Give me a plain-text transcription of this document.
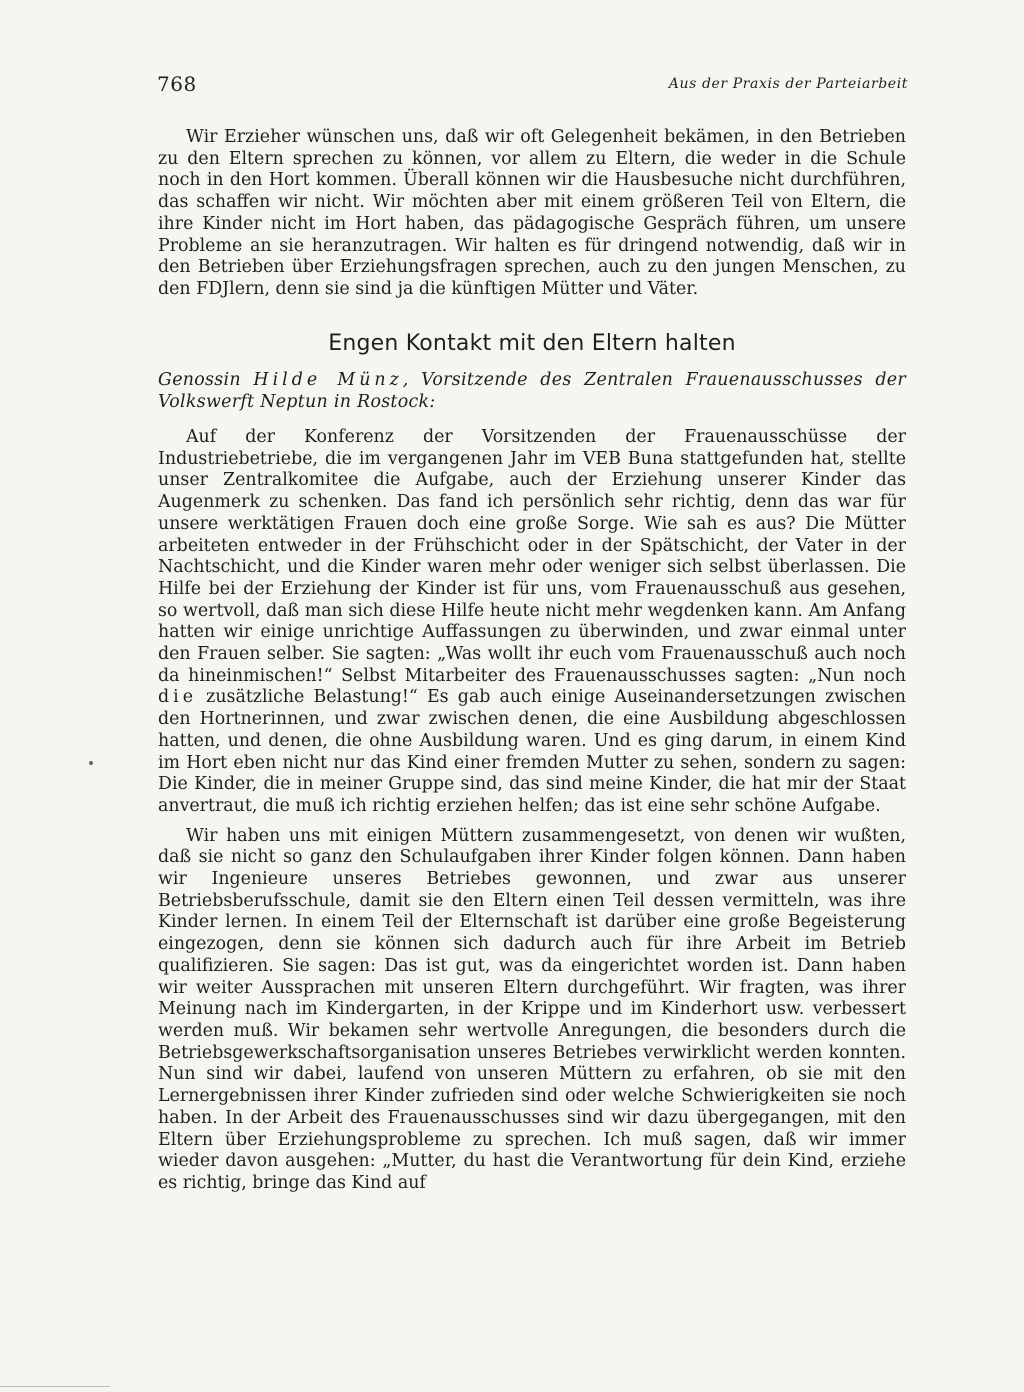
768	Aus der Praxis der Parteiarbeit

Wir Erzieher wünschen uns, daß wir oft Gelegenheit bekämen, in den Betrieben zu den Eltern sprechen zu können, vor allem zu Eltern, die weder in die Schule noch in den Hort kommen. Überall können wir die Hausbesuche nicht durchführen, das schaffen wir nicht. Wir möchten aber mit einem größeren Teil von Eltern, die ihre Kinder nicht im Hort haben, das pädagogische Gespräch führen, um unsere Probleme an sie heranzutragen. Wir halten es für dringend notwendig, daß wir in den Betrieben über Erziehungsfragen sprechen, auch zu den jungen Menschen, zu den FDJlern, denn sie sind ja die künftigen Mütter und Väter.

Engen Kontakt mit den Eltern halten
Genossin Hilde Münz, Vorsitzende des Zentralen Frauenausschusses der Volkswerft Neptun in Rostock:

Auf der Konferenz der Vorsitzenden der Frauenausschüsse der Industriebetriebe, die im vergangenen Jahr im VEB Buna stattgefunden hat, stellte unser Zentralkomitee die Aufgabe, auch der Erziehung unserer Kinder das Augenmerk zu schenken. Das fand ich persönlich sehr richtig, denn das war für unsere werktätigen Frauen doch eine große Sorge. Wie sah es aus? Die Mütter arbeiteten entweder in der Frühschicht oder in der Spätschicht, der Vater in der Nachtschicht, und die Kinder waren mehr oder weniger sich selbst überlassen. Die Hilfe bei der Erziehung der Kinder ist für uns, vom Frauenausschuß aus gesehen, so wertvoll, daß man sich diese Hilfe heute nicht mehr wegdenken kann. Am Anfang hatten wir einige unrichtige Auffassungen zu überwinden, und zwar einmal unter den Frauen selber. Sie sagten: „Was wollt ihr euch vom Frauenausschuß auch noch da hineinmischen!“ Selbst Mitarbeiter des Frauenausschusses sagten: „Nun noch die zusätzliche Belastung!“ Es gab auch einige Auseinandersetzungen zwischen den Hortnerinnen, und zwar zwischen denen, die eine Ausbildung abgeschlossen hatten, und denen, die ohne Ausbildung waren. Und es ging darum, in einem Kind im Hort eben nicht nur das Kind einer fremden Mutter zu sehen, sondern zu sagen: Die Kinder, die in meiner Gruppe sind, das sind meine Kinder, die hat mir der Staat anvertraut, die muß ich richtig erziehen helfen; das ist eine sehr schöne Aufgabe.

Wir haben uns mit einigen Müttern zusammengesetzt, von denen wir wußten, daß sie nicht so ganz den Schulaufgaben ihrer Kinder folgen können. Dann haben wir Ingenieure unseres Betriebes gewonnen, und zwar aus unserer Betriebsberufsschule, damit sie den Eltern einen Teil dessen vermitteln, was ihre Kinder lernen. In einem Teil der Elternschaft ist darüber eine große Begeisterung eingezogen, denn sie können sich dadurch auch für ihre Arbeit im Betrieb qualifizieren. Sie sagen: Das ist gut, was da eingerichtet worden ist. Dann haben wir weiter Aussprachen mit unseren Eltern durchgeführt. Wir fragten, was ihrer Meinung nach im Kindergarten, in der Krippe und im Kinderhort usw. verbessert werden muß. Wir bekamen sehr wertvolle Anregungen, die besonders durch die Betriebsgewerkschaftsorganisation unseres Betriebes verwirklicht werden konnten. Nun sind wir dabei, laufend von unseren Müttern zu erfahren, ob sie mit den Lernergebnissen ihrer Kinder zufrieden sind oder welche Schwierigkeiten sie noch haben. In der Arbeit des Frauenausschusses sind wir dazu übergegangen, mit den Eltern über Erziehungsprobleme zu sprechen. Ich muß sagen, daß wir immer wieder davon ausgehen: „Mutter, du hast die Verantwortung für dein Kind, erziehe es richtig, bringe das Kind auf
